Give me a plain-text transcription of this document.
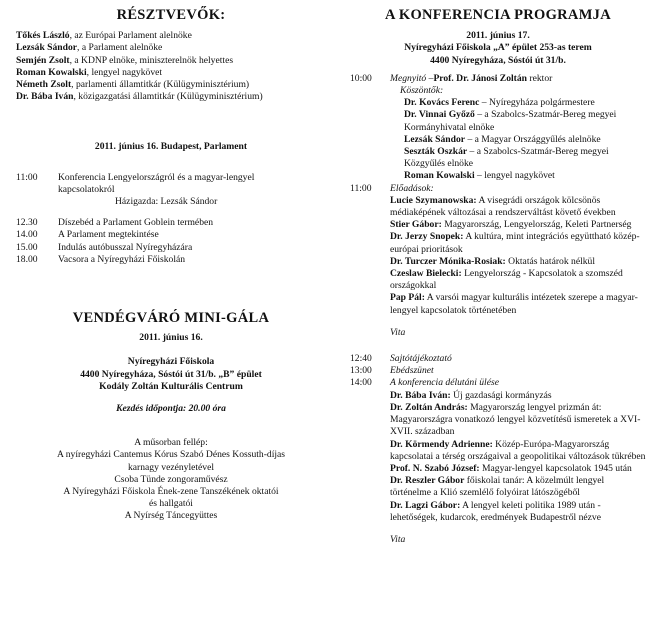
RÉSZTVEVŐK:
Tőkés László, az Európai Parlament alelnöke
Lezsák Sándor, a Parlament alelnöke
Semjén Zsolt, a KDNP elnöke, miniszterelnök helyettes
Roman Kowalski, lengyel nagykövet
Németh Zsolt, parlamenti államtitkár (Külügyminisztérium)
Dr. Bába Iván, közigazgatási államtitkár (Külügyminisztérium)
2011. június 16. Budapest, Parlament
11:00	Konferencia Lengyelországról és a magyar-lengyel kapcsolatokról
Házigazda: Lezsák Sándor
12.30	Díszebéd a Parlament Goblein termében
14.00	A Parlament megtekintése
15.00	Indulás autóbusszal Nyíregyházára
18.00	Vacsora a Nyíregyházi Főiskolán
VENDÉGVÁRÓ MINI-GÁLA
2011. június 16.
Nyíregyházi Főiskola
4400 Nyíregyháza, Sóstói út 31/b. „B” épület
Kodály Zoltán Kulturális Centrum
Kezdés időpontja: 20.00 óra
A műsorban fellép:
A nyíregyházi Cantemus Kórus Szabó Dénes Kossuth-díjas
karnagy vezényletével
Csoba Tünde zongoraművész
A Nyíregyházi Főiskola Ének-zene Tanszékének oktatói
és hallgatói
A Nyírség Táncegyüttes
A KONFERENCIA PROGRAMJA
2011. június 17.
Nyíregyházi Főiskola „A” épület 253-as terem
4400 Nyíregyháza, Sóstói út 31/b.
10:00	Megnyitó –Prof. Dr. Jánosi Zoltán rektor
Köszöntők:
Dr. Kovács Ferenc – Nyíregyháza polgármestere
Dr. Vinnai Győző – a Szabolcs-Szatmár-Bereg megyei Kormányhivatal elnöke
Lezsák Sándor – a Magyar Országgyűlés alelnöke
Seszták Oszkár – a Szabolcs-Szatmár-Bereg megyei Közgyűlés elnöke
Roman Kowalski – lengyel nagykövet
11:00	Előadások:
Lucie Szymanowska: A visegrádi országok kölcsönös médiaképének változásai a rendszerváltást követő években
Stier Gábor: Magyarország, Lengyelország, Keleti Partnerség
Dr. Jerzy Snopek: A kultúra, mint integrációs együttható közép-európai prioritások
Dr. Turczer Mónika-Rosiak: Oktatás határok nélkül
Czeslaw Bielecki: Lengyelország - Kapcsolatok a szomszéd országokkal
Pap Pál: A varsói magyar kulturális intézetek szerepe a magyar-lengyel kapcsolatok történetében
Vita
12:40	Sajtótájékoztató
13:00	Ebédszünet
14:00	A konferencia délutáni ülése
Dr. Bába Iván: Új gazdasági kormányzás
Dr. Zoltán András: Magyarország lengyel prizmán át: Magyarországra vonatkozó lengyel közvetítésű ismeretek a XVI-XVII. században
Dr. Körmendy Adrienne: Közép-Európa-Magyarország kapcsolatai a térség országaival a geopolitikai változások tükrében
Prof. N. Szabó József: Magyar-lengyel kapcsolatok 1945 után
Dr. Reszler Gábor főiskolai tanár: A közelmúlt lengyel történelme a Klió szemlélő folyóirat látószögéből
Dr. Lagzi Gábor: A lengyel keleti politika 1989 után - lehetőségek, kudarcok, eredmények Budapestről nézve
Vita
